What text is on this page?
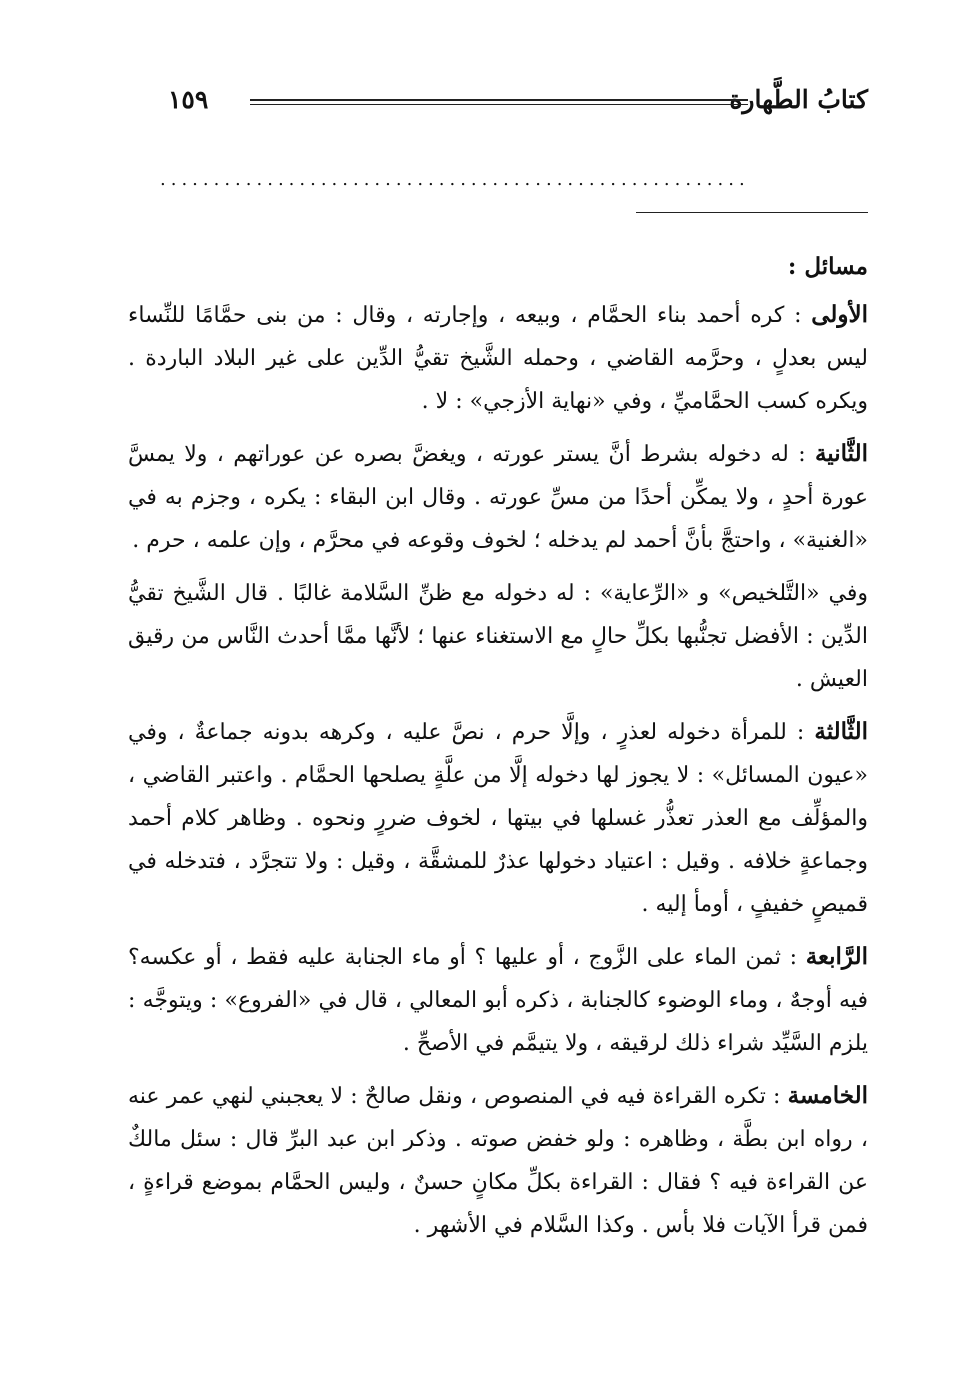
كتابُ الطَّهارة
١٥٩
.......................................................
مسائل :

الأولى : كره أحمد بناء الحمَّام ، وبيعه ، وإجارته ، وقال : من بنى حمَّامًا للنِّساء ليس بعدلٍ ، وحرَّمه القاضي ، وحمله الشَّيخ تقيُّ الدِّين على غير البلاد الباردة . ويكره كسب الحمَّاميِّ ، وفي «نهاية الأزجي» : لا .

الثَّانية : له دخوله بشرط أنَّ يستر عورته ، ويغضَّ بصره عن عوراتهم ، ولا يمسَّ عورة أحدٍ ، ولا يمكِّن أحدًا من مسِّ عورته . وقال ابن البقاء : يكره ، وجزم به في «الغنية» ، واحتجَّ بأنَّ أحمد لم يدخله ؛ لخوف وقوعه في محرَّم ، وإن علمه ، حرم .

وفي «التَّلخيص» و «الرِّعاية» : له دخوله مع ظنِّ السَّلامة غالبًا . قال الشَّيخ تقيُّ الدِّين : الأفضل تجنُّبها بكلِّ حالٍ مع الاستغناء عنها ؛ لأنَّها ممَّا أحدث النَّاس من رقيق العيش .

الثَّالثة : للمرأة دخوله لعذرٍ ، وإلَّا حرم ، نصَّ عليه ، وكرهه بدونه جماعةٌ ، وفي «عيون المسائل» : لا يجوز لها دخوله إلَّا من علَّةٍ يصلحها الحمَّام . واعتبر القاضي ، والمؤلِّف مع العذر تعذُّر غسلها في بيتها ، لخوف ضررٍ ونحوه . وظاهر كلام أحمد وجماعةٍ خلافه . وقيل : اعتياد دخولها عذرٌ للمشقَّة ، وقيل : ولا تتجرَّد ، فتدخله في قميصٍ خفيفٍ ، أومأ إليه .

الرَّابعة : ثمن الماء على الزَّوج ، أو عليها ؟ أو ماء الجنابة عليه فقط ، أو عكسه؟ فيه أوجهٌ ، وماء الوضوء كالجنابة ، ذكره أبو المعالي ، قال في «الفروع» : ويتوجَّه : يلزم السَّيِّد شراء ذلك لرقيقه ، ولا يتيمَّم في الأصحِّ .

الخامسة : تكره القراءة فيه في المنصوص ، ونقل صالحٌ : لا يعجبني لنهي عمر عنه ، رواه ابن بطَّة ، وظاهره : ولو خفض صوته . وذكر ابن عبد البرِّ قال : سئل مالكٌ عن القراءة فيه ؟ فقال : القراءة بكلِّ مكانٍ حسنٌ ، وليس الحمَّام بموضع قراءةٍ ، فمن قرأ الآيات فلا بأس . وكذا السَّلام في الأشهر .
